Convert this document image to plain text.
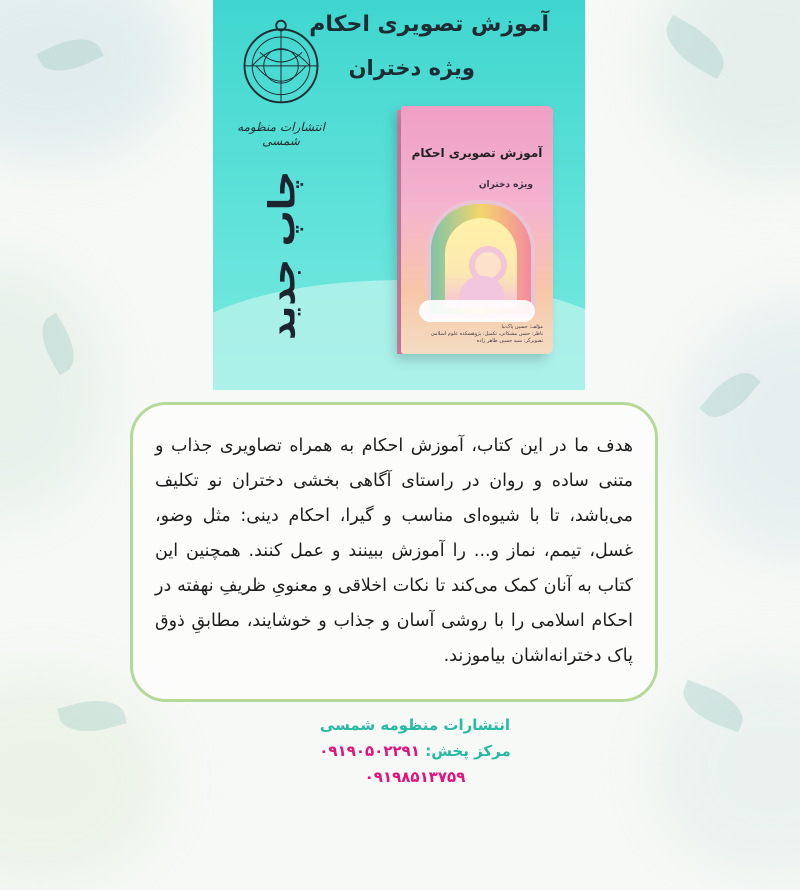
آموزش تصویری احکام
ویژه دختران
انتشارات منظومه شمسی
چاپ جدید
آموزش تصویری احکام
ویژه دختران
مؤلف: حسین پاک‌نیا
ناظر: حسن مشکاتی، تکمیل: پژوهشکده علوم اسلامی
تصویرگر: سید حسین طاهر زاده
هدف ما در این کتاب، آموزش احکام به همراه تصاویری جذاب و متنی ساده و روان در راستای آگاهی بخشی دختران نو تکلیف می‌باشد، تا با شیوه‌ای مناسب و گیرا، احکام دینی: مثل وضو، غسل، تیمم، نماز و... را آموزش ببینند و عمل کنند. همچنین این کتاب به آنان کمک می‌کند تا نکات اخلاقی و معنویِ ظریفِ نهفته در احکام اسلامی را با روشی آسان و جذاب و خوشایند، مطابقِ ذوق پاک دخترانه‌اشان بیاموزند.
انتشارات منظومه شمسی
مرکز پخش: ۰۹۱۹۰۵۰۲۲۹۱
۰۹۱۹۸۵۱۳۷۵۹
